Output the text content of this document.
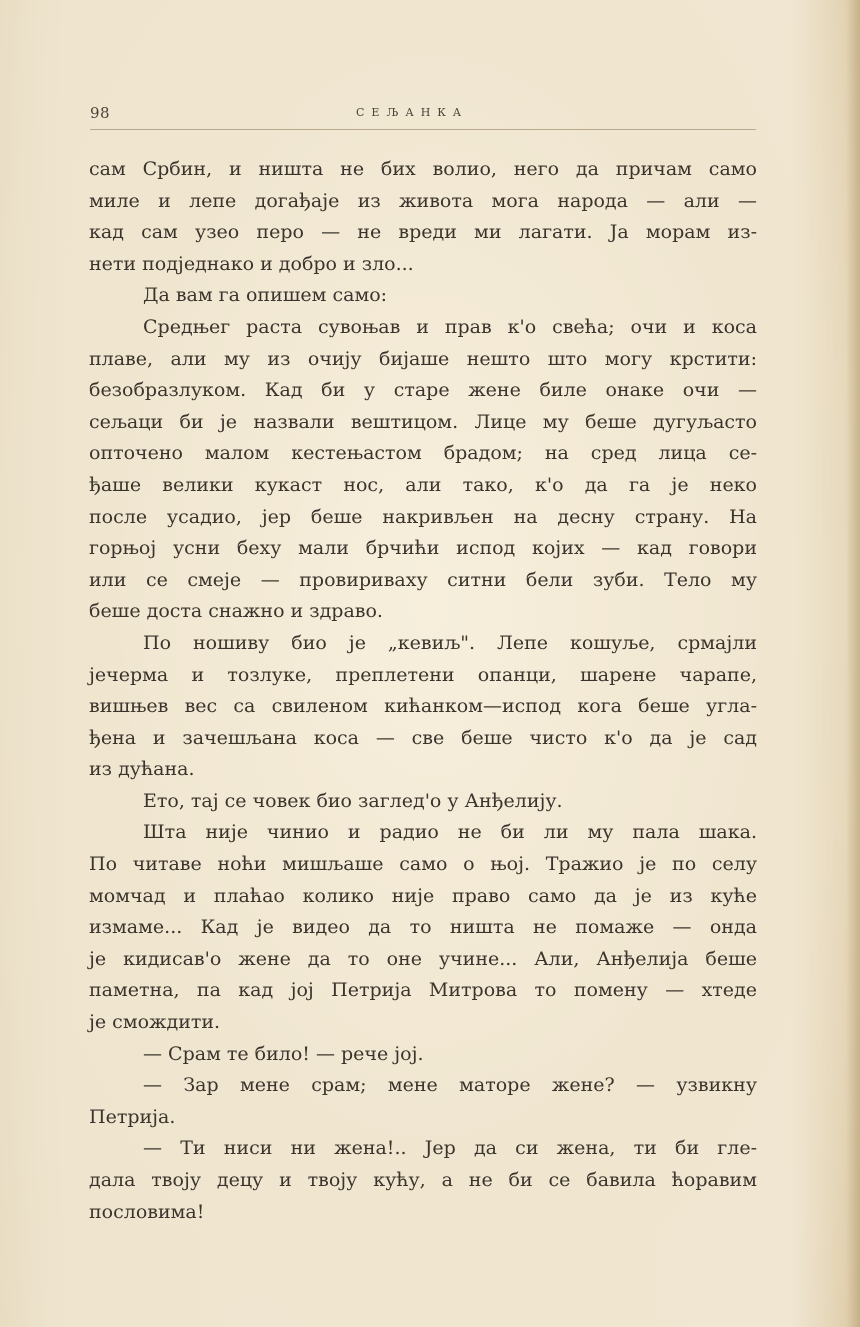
98	СЕЉАНКА

сам Србин, и ништа не бих волио, него да причам само
миле и лепе догађаје из живота мога народа — али —
кад сам узео перо — не вреди ми лагати. Ја морам из-
нети подједнако и добро и зло...

Да вам га опишем само:

Средњег раста сувоњав и прав к'о свећа; очи и коса
плаве, али му из очију бијаше нешто што могу крстити:
безобразлуком. Кад би у старе жене биле онаке очи —
сељаци би је назвали вештицом. Лице му беше дугуљасто
опточено малом кестењастом брадом; на сред лица се-
ђаше велики кукаст нос, али тако, к'о да га је неко
после усадио, јер беше накривљен на десну страну. На
горњој усни беху мали брчићи испод којих — кад говори
или се смеје — провириваху ситни бели зуби. Тело му
беше доста снажно и здраво.

По ношиву био је „кевиљ". Лепе кошуље, срмајли
јечерма и тозлуке, преплетени опанци, шарене чарапе,
вишњев вес са свиленом кићанком—испод кога беше угла-
ђена и зачешљана коса — све беше чисто к'о да је сад
из дућана.

Ето, тај се човек био заглед'о у Анђелију.

Шта није чинио и радио не би ли му пала шака.
По читаве ноћи мишљаше само о њој. Тражио је по селу
момчад и плаћао колико није право само да је из куће
измаме... Кад је видео да то ништа не помаже — онда
је кидисав'о жене да то оне учине... Али, Анђелија беше
паметна, па кад јој Петрија Митрова то помену — хтеде
је смождити.

— Срам те било! — рече јој.

— Зар мене срам; мене маторе жене? — узвикну
Петрија.

— Ти ниси ни жена!.. Јер да си жена, ти би гле-
дала твоју децу и твоју кућу, а не би се бавила ћоравим
пословима!
